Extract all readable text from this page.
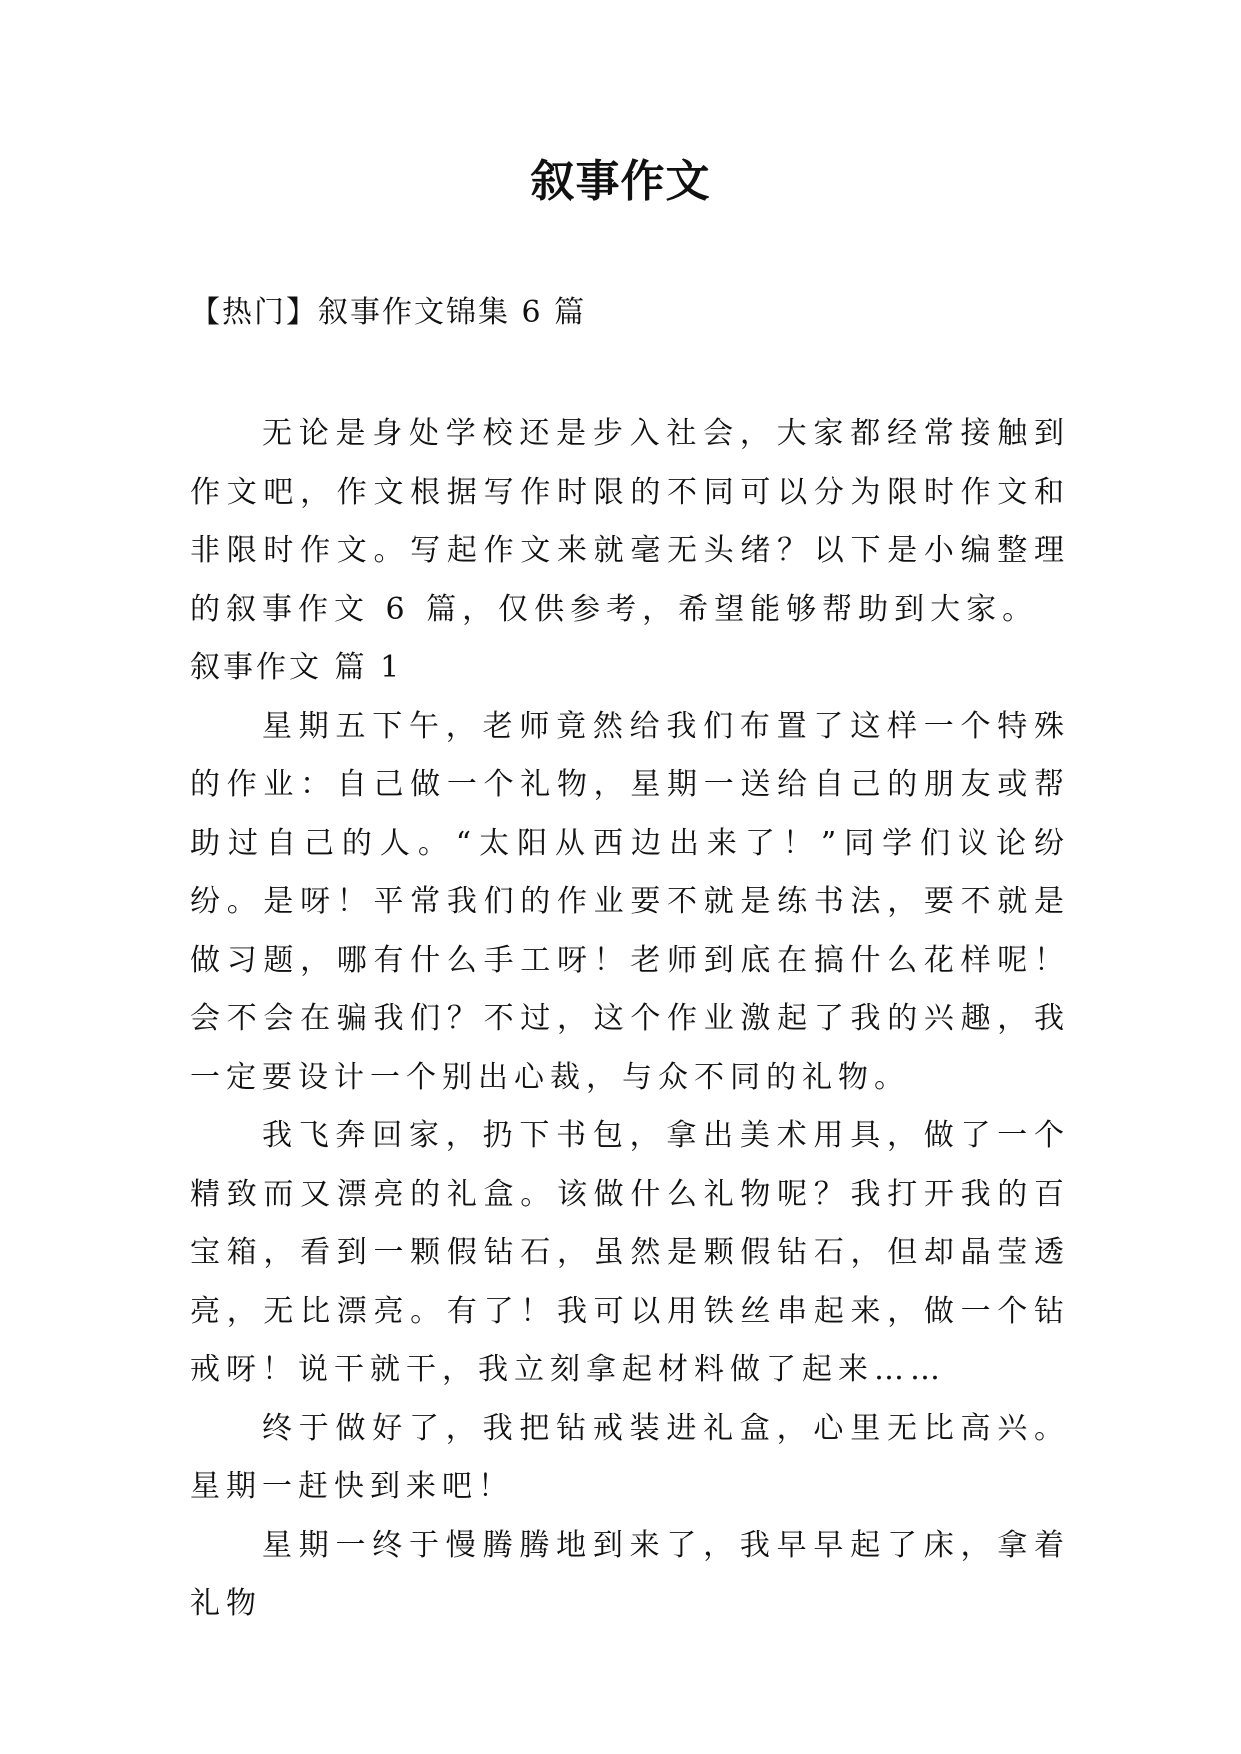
叙事作文

【热门】叙事作文锦集 6 篇

无论是身处学校还是步入社会，大家都经常接触到作文吧，作文根据写作时限的不同可以分为限时作文和非限时作文。写起作文来就毫无头绪？以下是小编整理的叙事作文 6 篇，仅供参考，希望能够帮助到大家。

叙事作文 篇 1

星期五下午，老师竟然给我们布置了这样一个特殊的作业：自己做一个礼物，星期一送给自己的朋友或帮助过自己的人。“太阳从西边出来了！”同学们议论纷纷。是呀！平常我们的作业要不就是练书法，要不就是做习题，哪有什么手工呀！老师到底在搞什么花样呢！会不会在骗我们？不过，这个作业激起了我的兴趣，我一定要设计一个别出心裁，与众不同的礼物。

我飞奔回家，扔下书包，拿出美术用具，做了一个精致而又漂亮的礼盒。该做什么礼物呢？我打开我的百宝箱，看到一颗假钻石，虽然是颗假钻石，但却晶莹透亮，无比漂亮。有了！我可以用铁丝串起来，做一个钻戒呀！说干就干，我立刻拿起材料做了起来……

终于做好了，我把钻戒装进礼盒，心里无比高兴。星期一赶快到来吧！

星期一终于慢腾腾地到来了，我早早起了床，拿着礼物
